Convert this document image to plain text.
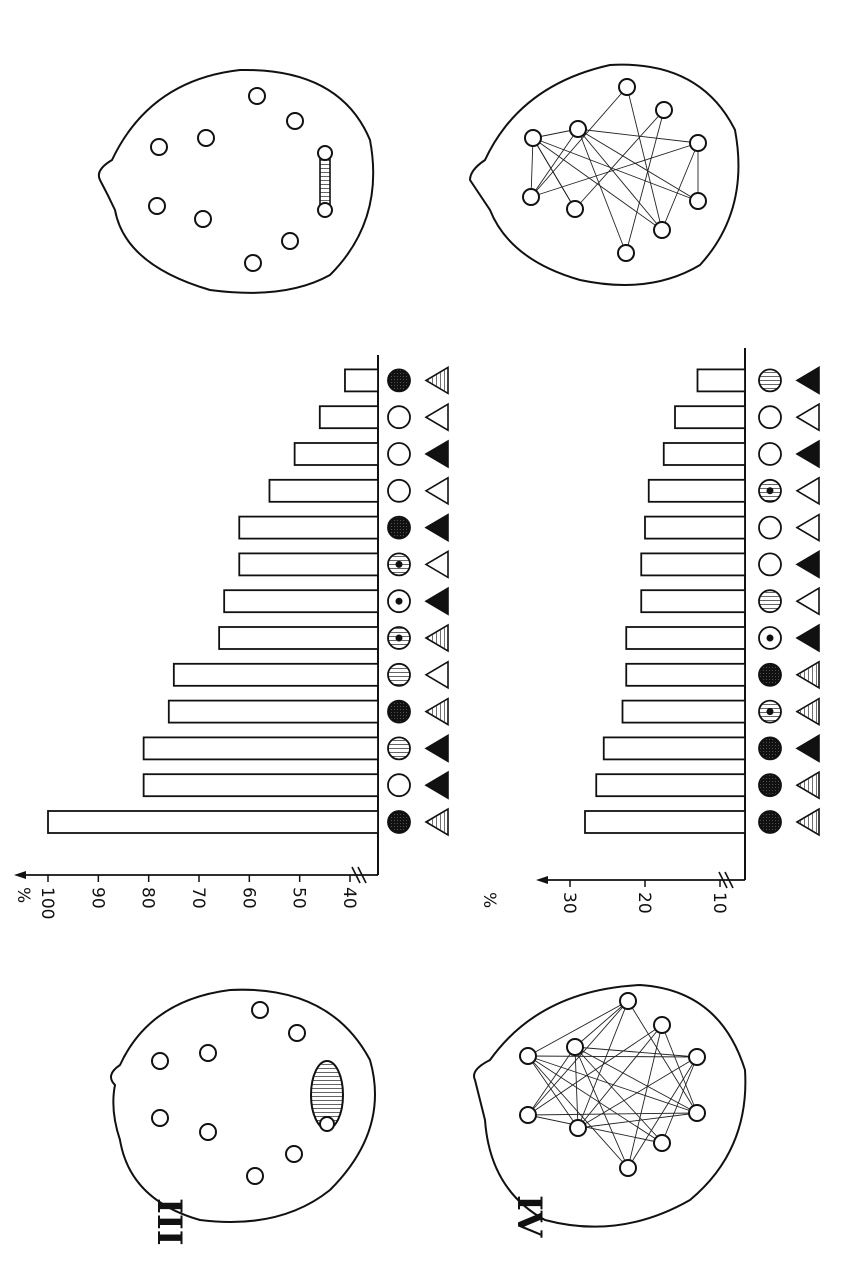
III	IV
40
50
60
70
80
90
100
%	10
20
30
%
